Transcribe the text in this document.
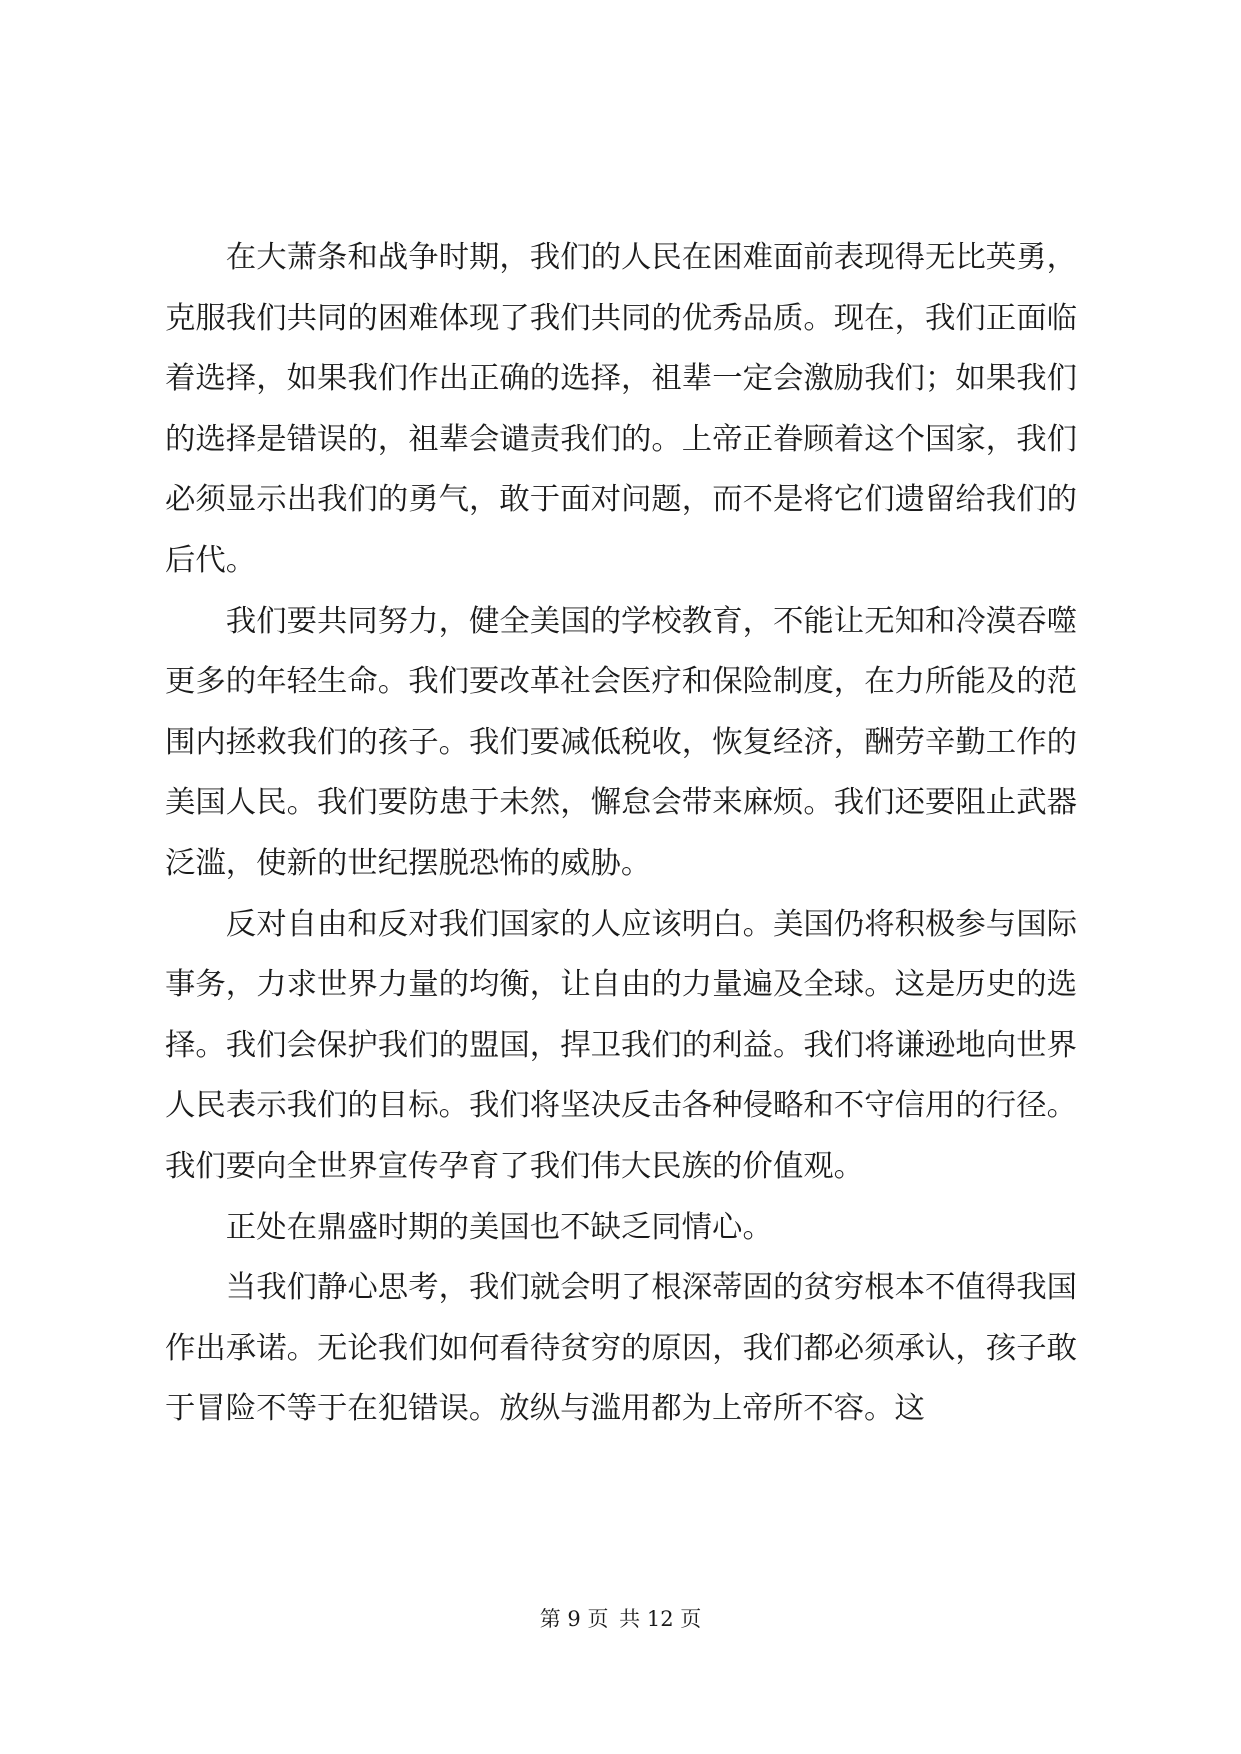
在大萧条和战争时期，我们的人民在困难面前表现得无比英勇，克服我们共同的困难体现了我们共同的优秀品质。现在，我们正面临着选择，如果我们作出正确的选择，祖辈一定会激励我们；如果我们的选择是错误的，祖辈会谴责我们的。上帝正眷顾着这个国家，我们必须显示出我们的勇气，敢于面对问题，而不是将它们遗留给我们的后代。

我们要共同努力，健全美国的学校教育，不能让无知和冷漠吞噬更多的年轻生命。我们要改革社会医疗和保险制度，在力所能及的范围内拯救我们的孩子。我们要减低税收，恢复经济，酬劳辛勤工作的美国人民。我们要防患于未然，懈怠会带来麻烦。我们还要阻止武器泛滥，使新的世纪摆脱恐怖的威胁。

反对自由和反对我们国家的人应该明白。美国仍将积极参与国际事务，力求世界力量的均衡，让自由的力量遍及全球。这是历史的选择。我们会保护我们的盟国，捍卫我们的利益。我们将谦逊地向世界人民表示我们的目标。我们将坚决反击各种侵略和不守信用的行径。我们要向全世界宣传孕育了我们伟大民族的价值观。

正处在鼎盛时期的美国也不缺乏同情心。

当我们静心思考，我们就会明了根深蒂固的贫穷根本不值得我国作出承诺。无论我们如何看待贫穷的原因，我们都必须承认，孩子敢于冒险不等于在犯错误。放纵与滥用都为上帝所不容。这

第 9 页 共 12 页
